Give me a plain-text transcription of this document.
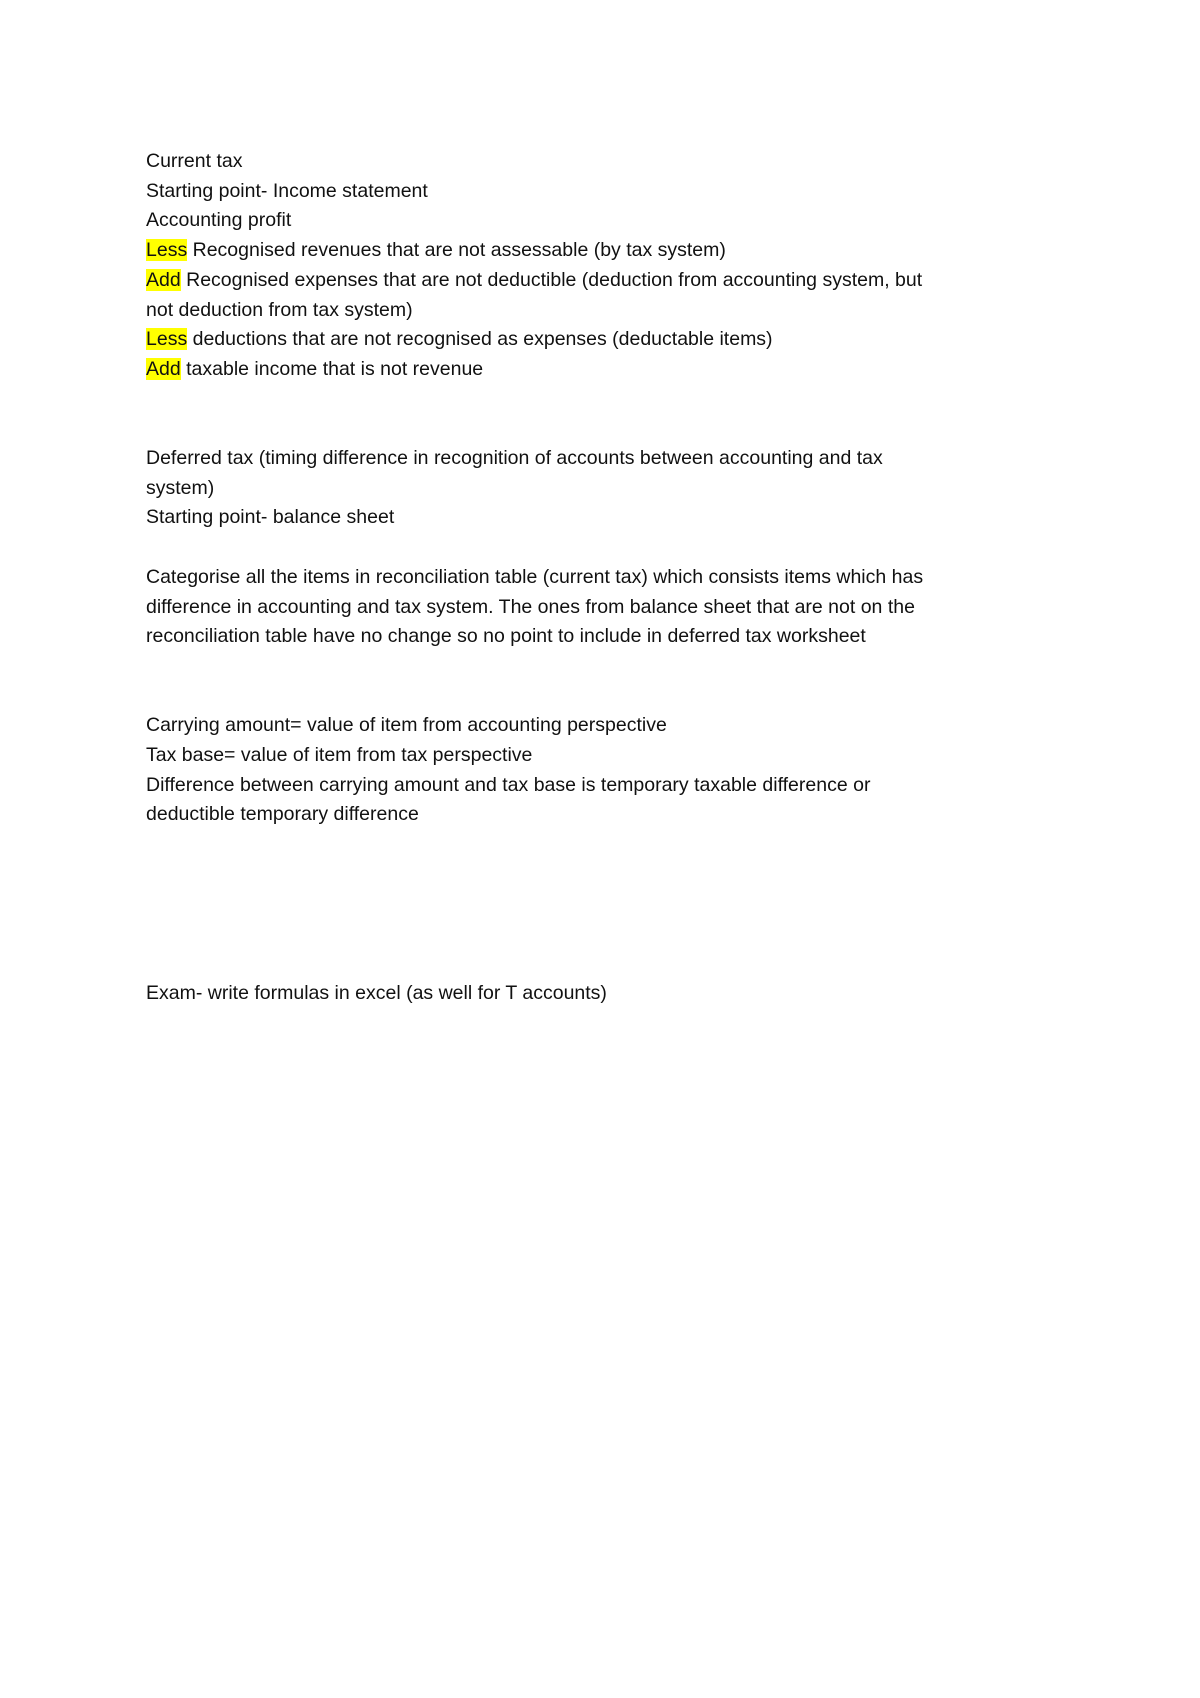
Current tax

Starting point- Income statement

Accounting profit

Less Recognised revenues that are not assessable (by tax system)

Add Recognised expenses that are not deductible (deduction from accounting system, but

not deduction from tax system)

Less deductions that are not recognised as expenses (deductable items)

Add taxable income that is not revenue

Deferred tax (timing difference in recognition of accounts between accounting and tax

system)

Starting point- balance sheet

Categorise all the items in reconciliation table (current tax) which consists items which has

difference in accounting and tax system. The ones from balance sheet that are not on the

reconciliation table have no change so no point to include in deferred tax worksheet

Carrying amount= value of item from accounting perspective

Tax base= value of item from tax perspective

Difference between carrying amount and tax base is temporary taxable difference or

deductible temporary difference

Exam- write formulas in excel (as well for T accounts)
